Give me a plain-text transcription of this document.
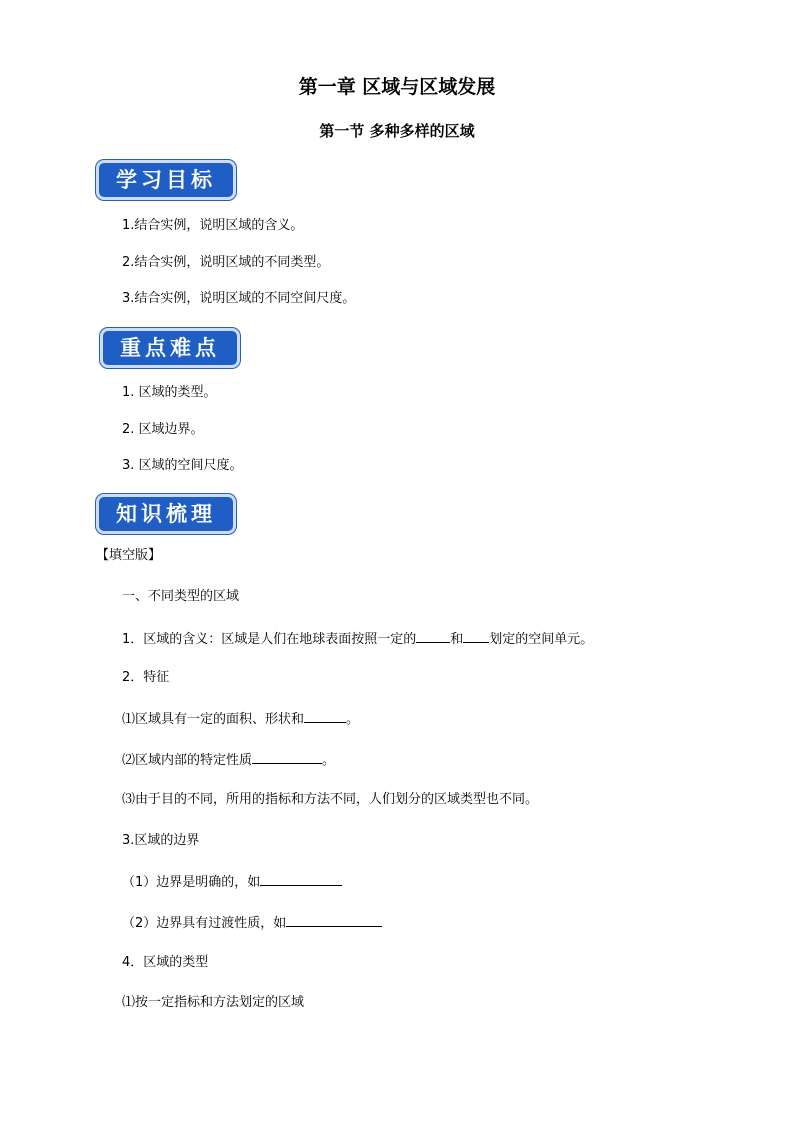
第一章 区域与区域发展
第一节 多种多样的区域
学习目标
1.结合实例，说明区域的含义。
2.结合实例，说明区域的不同类型。
3.结合实例，说明区域的不同空间尺度。
重点难点
1. 区域的类型。
2. 区域边界。
3. 区域的空间尺度。
知识梳理
【填空版】
一、不同类型的区域
1．区域的含义：区域是人们在地球表面按照一定的	和 划定的空间单元。
2．特征
⑴区域具有一定的面积、形状和	。
⑵区域内部的特定性质	。
⑶由于目的不同，所用的指标和方法不同，人们划分的区域类型也不同。
3.区域的边界
（1）边界是明确的，如
（2）边界具有过渡性质，如
4．区域的类型
⑴按一定指标和方法划定的区域
